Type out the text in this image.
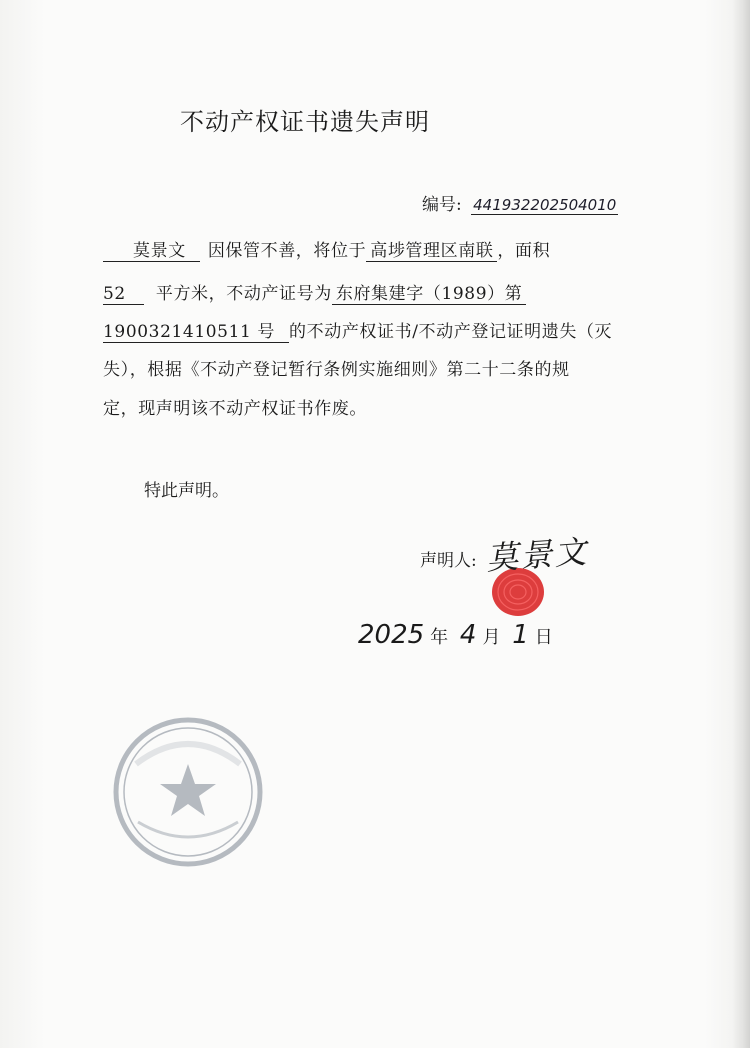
不动产权证书遗失声明
编号: 441932202504010
莫景文 因保管不善，将位于 高埗管理区南联 ，面积
52 平方米，不动产证号为 东府集建字（1989）第
1900321410511 号 的不动产权证书/不动产登记证明遗失（灭
失），根据《不动产登记暂行条例实施细则》第二十二条的规
定，现声明该不动产权证书作废。
特此声明。
声明人: 莫景文
2025 年 4 月 1 日
